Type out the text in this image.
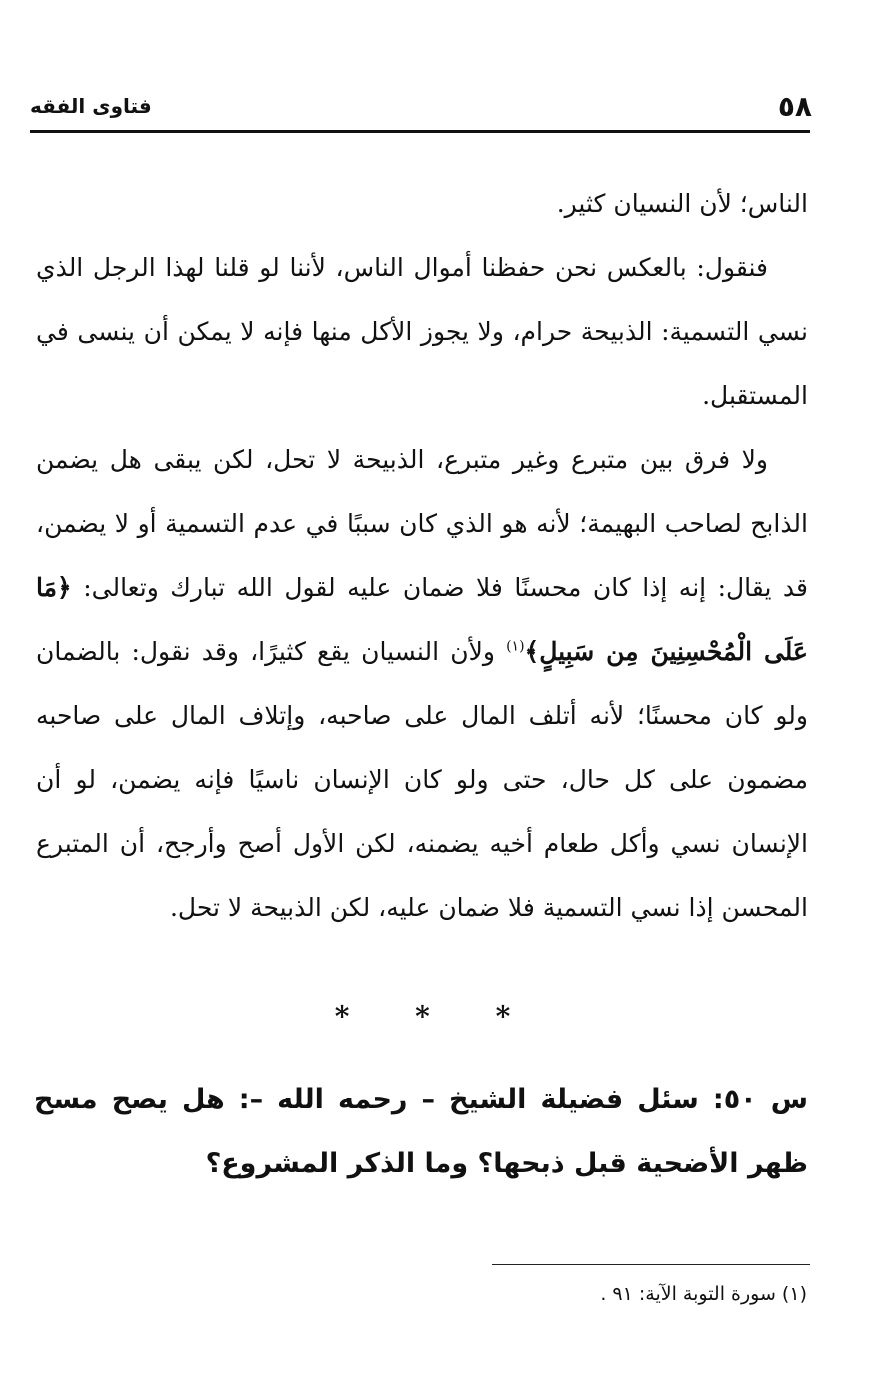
فتاوى الفقه	٥٨

الناس؛ لأن النسيان كثير.

فنقول: بالعكس نحن حفظنا أموال الناس، لأننا لو قلنا لهذا الرجل الذي نسي التسمية: الذبيحة حرام، ولا يجوز الأكل منها فإنه لا يمكن أن ينسى في المستقبل.

ولا فرق بين متبرع وغير متبرع، الذبيحة لا تحل، لكن يبقى هل يضمن الذابح لصاحب البهيمة؛ لأنه هو الذي كان سببًا في عدم التسمية أو لا يضمن، قد يقال: إنه إذا كان محسنًا فلا ضمان عليه لقول الله تبارك وتعالى: ﴿مَا عَلَى الْمُحْسِنِينَ مِن سَبِيلٍ﴾$^{(١)}$ ولأن النسيان يقع كثيرًا، وقد نقول: بالضمان ولو كان محسنًا؛ لأنه أتلف المال على صاحبه، وإتلاف المال على صاحبه مضمون على كل حال، حتى ولو كان الإنسان ناسيًا فإنه يضمن، لو أن الإنسان نسي وأكل طعام أخيه يضمنه، لكن الأول أصح وأرجح، أن المتبرع المحسن إذا نسي التسمية فلا ضمان عليه، لكن الذبيحة لا تحل.

* * *
س ٥٠: سئل فضيلة الشيخ – رحمه الله –: هل يصح مسح ظهر الأضحية قبل ذبحها؟ وما الذكر المشروع؟
(١) سورة التوبة الآية: ٩١ .
